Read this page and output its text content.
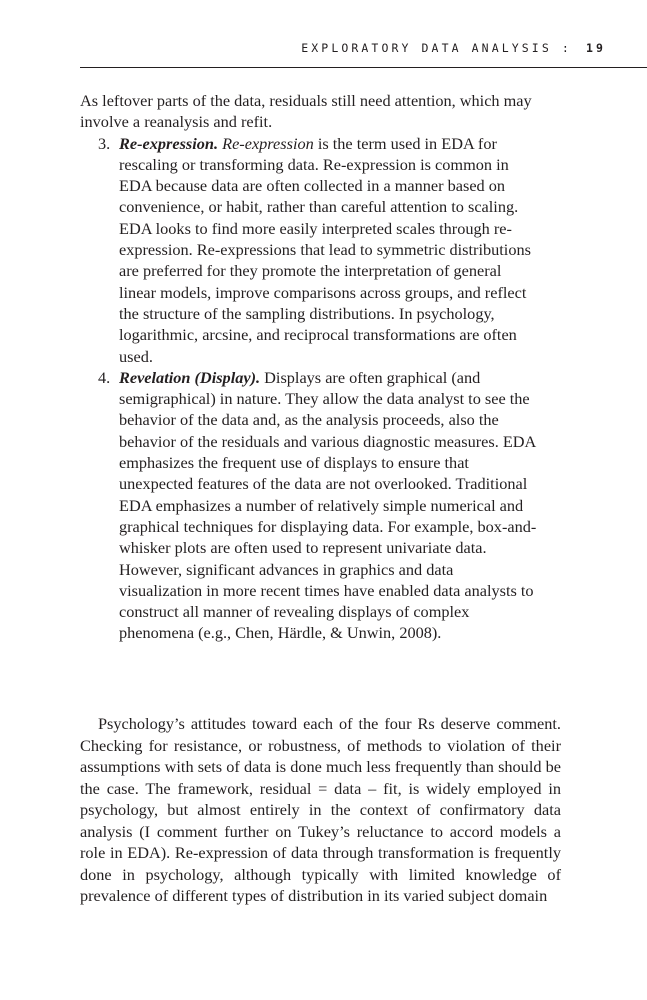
EXPLORATORY DATA ANALYSIS : 19

As leftover parts of the data, residuals still need attention, which may involve a reanalysis and refit.

3. Re-expression. Re-expression is the term used in EDA for rescaling or transforming data. Re-expression is common in EDA because data are often collected in a manner based on convenience, or habit, rather than careful attention to scaling. EDA looks to find more easily interpreted scales through re-expression. Re-expressions that lead to symmetric distributions are preferred for they promote the interpretation of general linear models, improve comparisons across groups, and reflect the structure of the sampling distributions. In psychology, logarithmic, arcsine, and reciprocal transformations are often used.
4. Revelation (Display). Displays are often graphical (and semigraphical) in nature. They allow the data analyst to see the behavior of the data and, as the analysis proceeds, also the behavior of the residuals and various diagnostic measures. EDA emphasizes the frequent use of displays to ensure that unexpected features of the data are not overlooked. Traditional EDA emphasizes a number of relatively simple numerical and graphical techniques for displaying data. For example, box-and-whisker plots are often used to represent univariate data. However, significant advances in graphics and data visualization in more recent times have enabled data analysts to construct all manner of revealing displays of complex phenomena (e.g., Chen, Härdle, & Unwin, 2008).

Psychology’s attitudes toward each of the four Rs deserve comment. Checking for resistance, or robustness, of methods to violation of their assumptions with sets of data is done much less frequently than should be the case. The framework, residual = data – fit, is widely employed in psychology, but almost entirely in the context of confirmatory data analysis (I comment further on Tukey’s reluctance to accord models a role in EDA). Re-expression of data through transformation is frequently done in psychology, although typically with limited knowledge of prevalence of different types of distribution in its varied subject domain
